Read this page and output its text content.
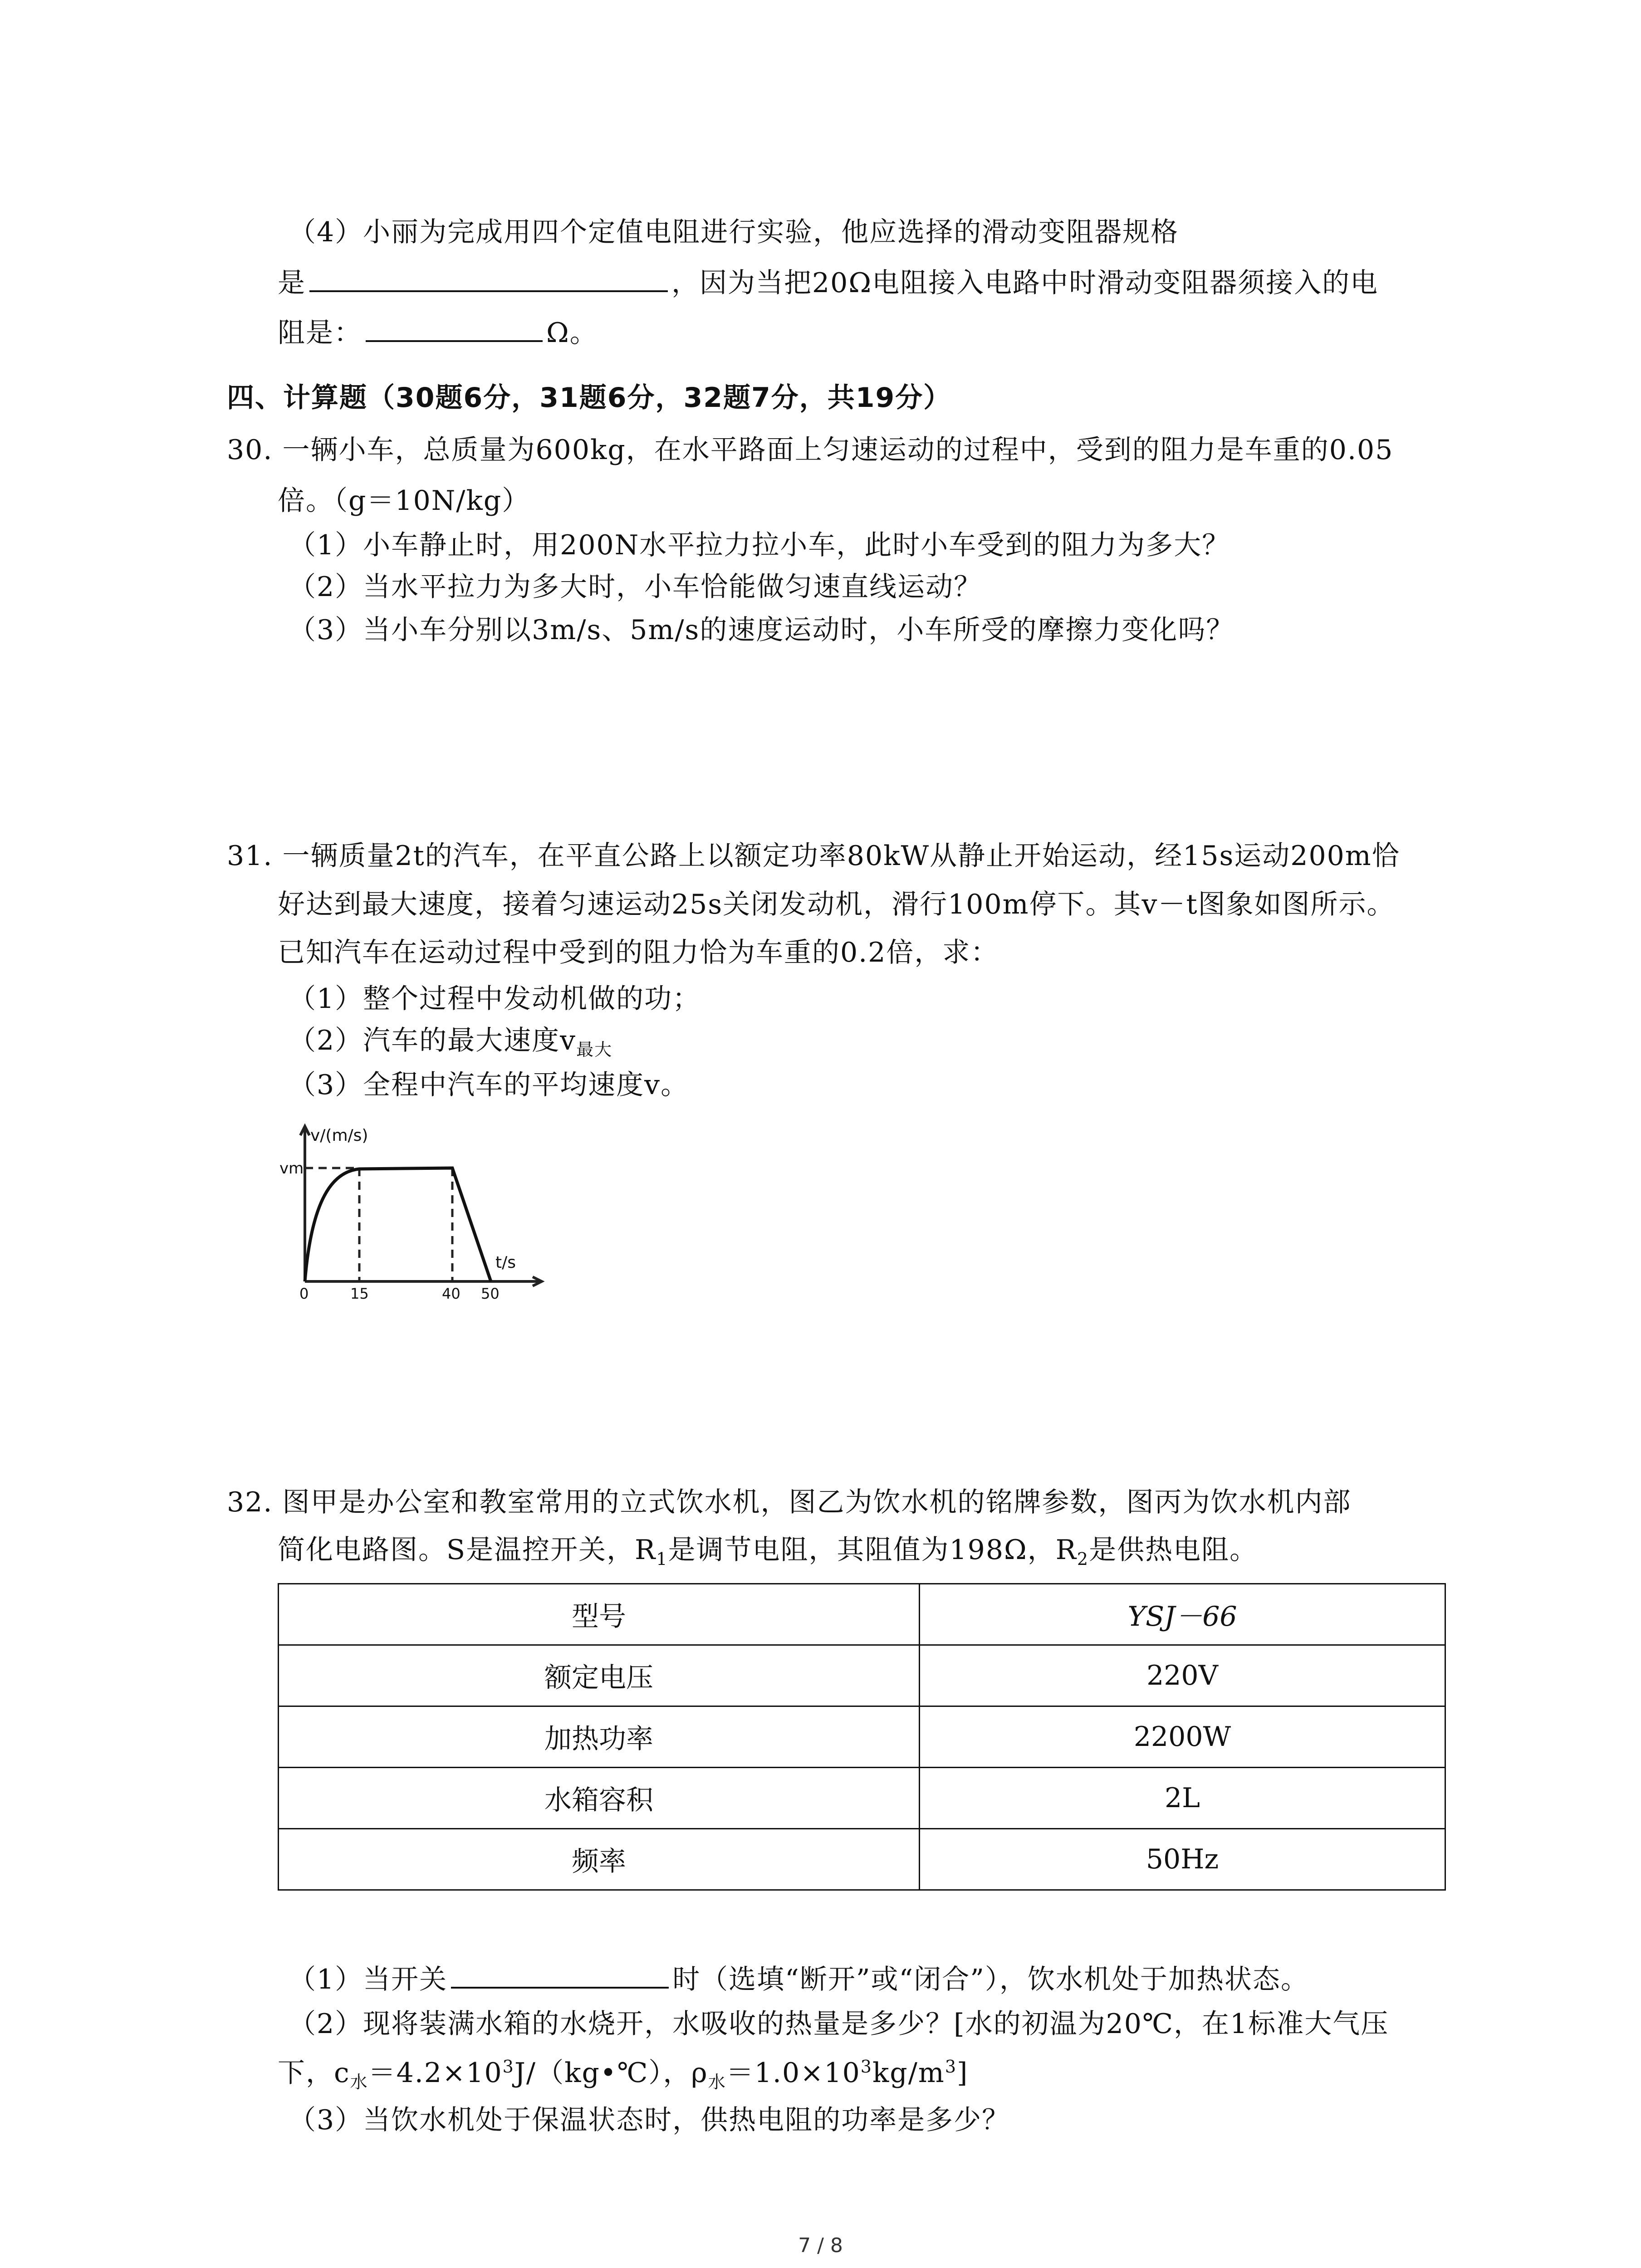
（4）小丽为完成用四个定值电阻进行实验，他应选择的滑动变阻器规格
是	，因为当把20Ω电阻接入电路中时滑动变阻器须接入的电
阻是：	Ω。
四、计算题（30题6分，31题6分，32题7分，共19分）
30. 一辆小车，总质量为600kg，在水平路面上匀速运动的过程中，受到的阻力是车重的0.05
倍。（g＝10N/kg）
（1）小车静止时，用200N水平拉力拉小车，此时小车受到的阻力为多大？
（2）当水平拉力为多大时，小车恰能做匀速直线运动？
（3）当小车分别以3m/s、5m/s的速度运动时，小车所受的摩擦力变化吗？
31. 一辆质量2t的汽车，在平直公路上以额定功率80kW从静止开始运动，经15s运动200m恰
好达到最大速度，接着匀速运动25s关闭发动机，滑行100m停下。其v－t图象如图所示。
已知汽车在运动过程中受到的阻力恰为车重的0.2倍，求：
（1）整个过程中发动机做的功；
（2）汽车的最大速度$v_{最大}$
（3）全程中汽车的平均速度v。
v/(m/s)
vm
t/s
0	15	40 50
32. 图甲是办公室和教室常用的立式饮水机，图乙为饮水机的铭牌参数，图丙为饮水机内部
简化电路图。S是温控开关，$R_1$是调节电阻，其阻值为198Ω，$R_2$是供热电阻。
型号	YSJ－66
额定电压	220V
加热功率	2200W
水箱容积	2L
频率	50Hz
（1）当开关	时（选填“断开”或“闭合”），饮水机处于加热状态。
（2）现将装满水箱的水烧开，水吸收的热量是多少？[水的初温为20℃，在1标准大气压
下，$c_水=4.2\times 10^3J/(kg•℃)$，$\rho_水=1.0\times 10^3kg/m^3$]
（3）当饮水机处于保温状态时，供热电阻的功率是多少？
7 / 8
